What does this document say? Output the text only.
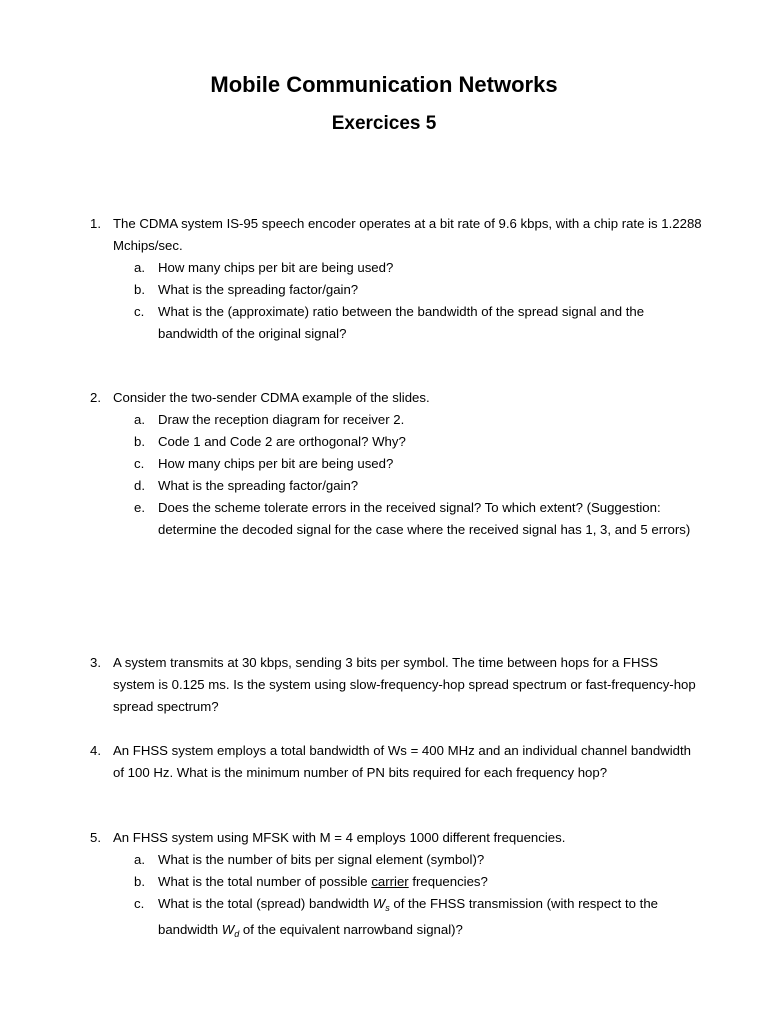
Mobile Communication Networks
Exercices 5
1. The CDMA system IS-95 speech encoder operates at a bit rate of 9.6 kbps, with a chip rate is 1.2288 Mchips/sec.
a. How many chips per bit are being used?
b. What is the spreading factor/gain?
c.	What is the (approximate) ratio between the bandwidth of the spread signal and the bandwidth of the original signal?
2. Consider the two-sender CDMA example of the slides.
a. Draw the reception diagram for receiver 2.
b. Code 1 and Code 2 are orthogonal? Why?
c.	How many chips per bit are being used?
d. What is the spreading factor/gain?
e. Does the scheme tolerate errors in the received signal? To which extent? (Suggestion: determine the decoded signal for the case where the received signal has 1, 3, and 5 errors)
3. A system transmits at 30 kbps, sending 3 bits per symbol. The time between hops for a FHSS system is 0.125 ms. Is the system using slow-frequency-hop spread spectrum or fast-frequency-hop spread spectrum?
4. An FHSS system employs a total bandwidth of Ws = 400 MHz and an individual channel bandwidth of 100 Hz. What is the minimum number of PN bits required for each frequency hop?
5. An FHSS system using MFSK with M = 4 employs 1000 different frequencies.
a. What is the number of bits per signal element (symbol)?
b. What is the total number of possible carrier frequencies?
c.	What is the total (spread) bandwidth $W_s$ of the FHSS transmission (with respect to the bandwidth $W_d$ of the equivalent narrowband signal)?
